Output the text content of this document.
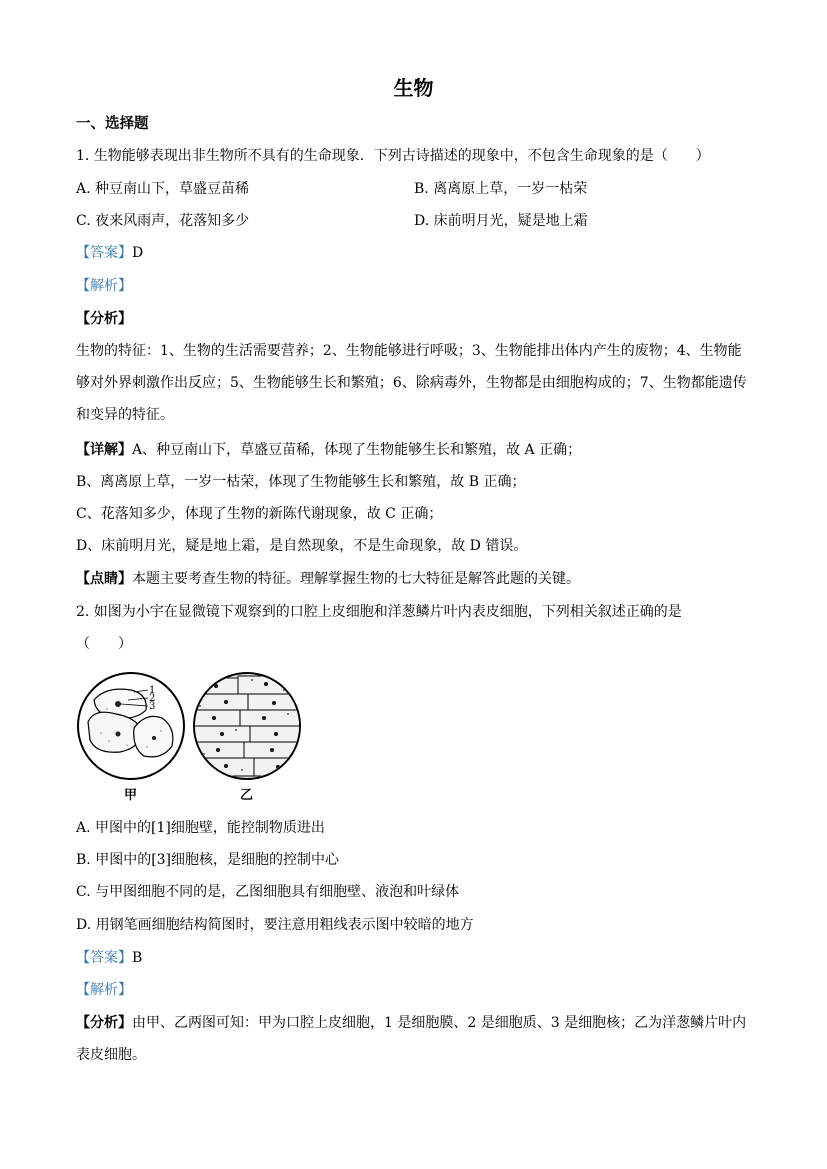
生物
一、选择题
1. 生物能够表现出非生物所不具有的生命现象．下列古诗描述的现象中，不包含生命现象的是（　　）
A. 种豆南山下，草盛豆苗稀	B. 离离原上草，一岁一枯荣
C. 夜来风雨声，花落知多少	D. 床前明月光，疑是地上霜
【答案】D
【解析】
【分析】
生物的特征：1、生物的生活需要营养；2、生物能够进行呼吸；3、生物能排出体内产生的废物；4、生物能够对外界刺激作出反应；5、生物能够生长和繁殖；6、除病毒外，生物都是由细胞构成的；7、生物都能遗传和变异的特征。
【详解】A、种豆南山下，草盛豆苗稀，体现了生物能够生长和繁殖，故 A 正确；
B、离离原上草，一岁一枯荣，体现了生物能够生长和繁殖，故 B 正确；
C、花落知多少，体现了生物的新陈代谢现象，故 C 正确；
D、床前明月光，疑是地上霜，是自然现象，不是生命现象，故 D 错误。
【点睛】本题主要考查生物的特征。理解掌握生物的七大特征是解答此题的关键。
2. 如图为小宇在显微镜下观察到的口腔上皮细胞和洋葱鳞片叶内表皮细胞，下列相关叙述正确的是
（　　）
1
2
3
甲	乙
A. 甲图中的[1]细胞壁，能控制物质进出
B. 甲图中的[3]细胞核，是细胞的控制中心
C. 与甲图细胞不同的是，乙图细胞具有细胞壁、液泡和叶绿体
D. 用钢笔画细胞结构简图时，要注意用粗线表示图中较暗的地方
【答案】B
【解析】
【分析】由甲、乙两图可知：甲为口腔上皮细胞，1 是细胞膜、2 是细胞质、3 是细胞核；乙为洋葱鳞片叶内表皮细胞。
